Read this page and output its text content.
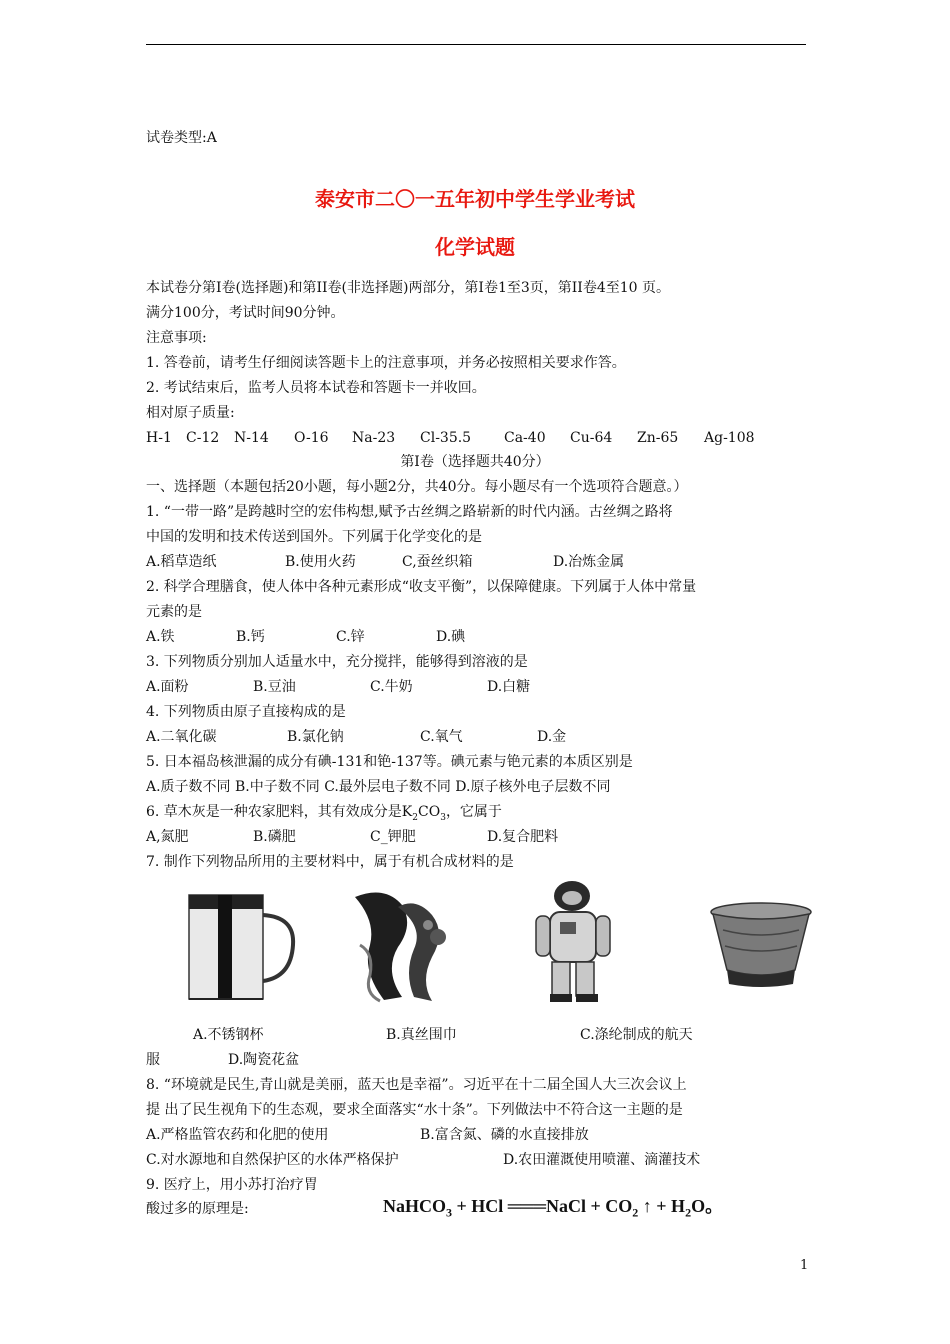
试卷类型:A
泰安市二〇一五年初中学生学业考试
化学试题
本试卷分第Ⅰ卷(选择题)和第II卷(非选择题)两部分，第Ⅰ卷1至3页，第II卷4至10 页。
满分100分，考试时间90分钟。
注意事项:
1. 答卷前，请考生仔细阅读答题卡上的注意事项，并务必按照相关要求作答。
2. 考试结束后，监考人员将本试卷和答题卡一并收回。
相对原子质量:
H-1 C-12 N-14 O-16 Na-23 Cl-35.5 Ca-40 Cu-64 Zn-65 Ag-108
第Ⅰ卷（选择题共40分）
一、选择题（本题包括20小题，每小题2分，共40分。每小题尽有一个选项符合题意。）
1. “一带一路”是跨越时空的宏伟构想,赋予古丝绸之路崭新的时代内涵。古丝绸之路将
中国的发明和技术传送到国外。下列属于化学变化的是
A.稻草造纸	B.使用火药	C,蚕丝织箱	D.冶炼金属
2. 科学合理膳食，使人体中各种元素形成“收支平衡”，以保障健康。下列属于人体中常量
元素的是
A.铁	B.钙	C.锌	D.碘
3. 下列物质分别加人适量水中，充分搅拌，能够得到溶液的是
A.面粉	B.豆油	C.牛奶	D.白糖
4. 下列物质由原子直接构成的是
A.二氧化碳	B.氯化钠	C.氧气	D.金
5. 日本福岛核泄漏的成分有碘-131和铯-137等。碘元素与铯元素的本质区别是
A.质子数不同 B.中子数不同 C.最外层电子数不同 D.原子核外电子层数不同
6. 草木灰是一种农家肥料，其有效成分是$K_2CO_3$，它属于
A,氮肥	B.磷肥	C_钾肥	D.复合肥料
7. 制作下列物品所用的主要材料中，属于有机合成材料的是
A.不锈钢杯	B.真丝围巾	C.涤纶制成的航天
服	D.陶瓷花盆
8. “环境就是民生,青山就是美丽，蓝天也是幸福”。习近平在十二届全国人大三次会议上
提 出了民生视角下的生态观，要求全面落实“水十条”。下列做法中不符合这一主题的是
A.严格监管农药和化肥的使用	B.富含氮、磷的水直接排放
C.对水源地和自然保护区的水体严格保护	D.农田灌溉使用喷灌、滴灌技术
9. 医疗上，用小苏打治疗胃
酸过多的原理是:	NaHCO$_3$ + HCl ═══NaCl + $CO_2$ ↑ + $H_2O$。
1
